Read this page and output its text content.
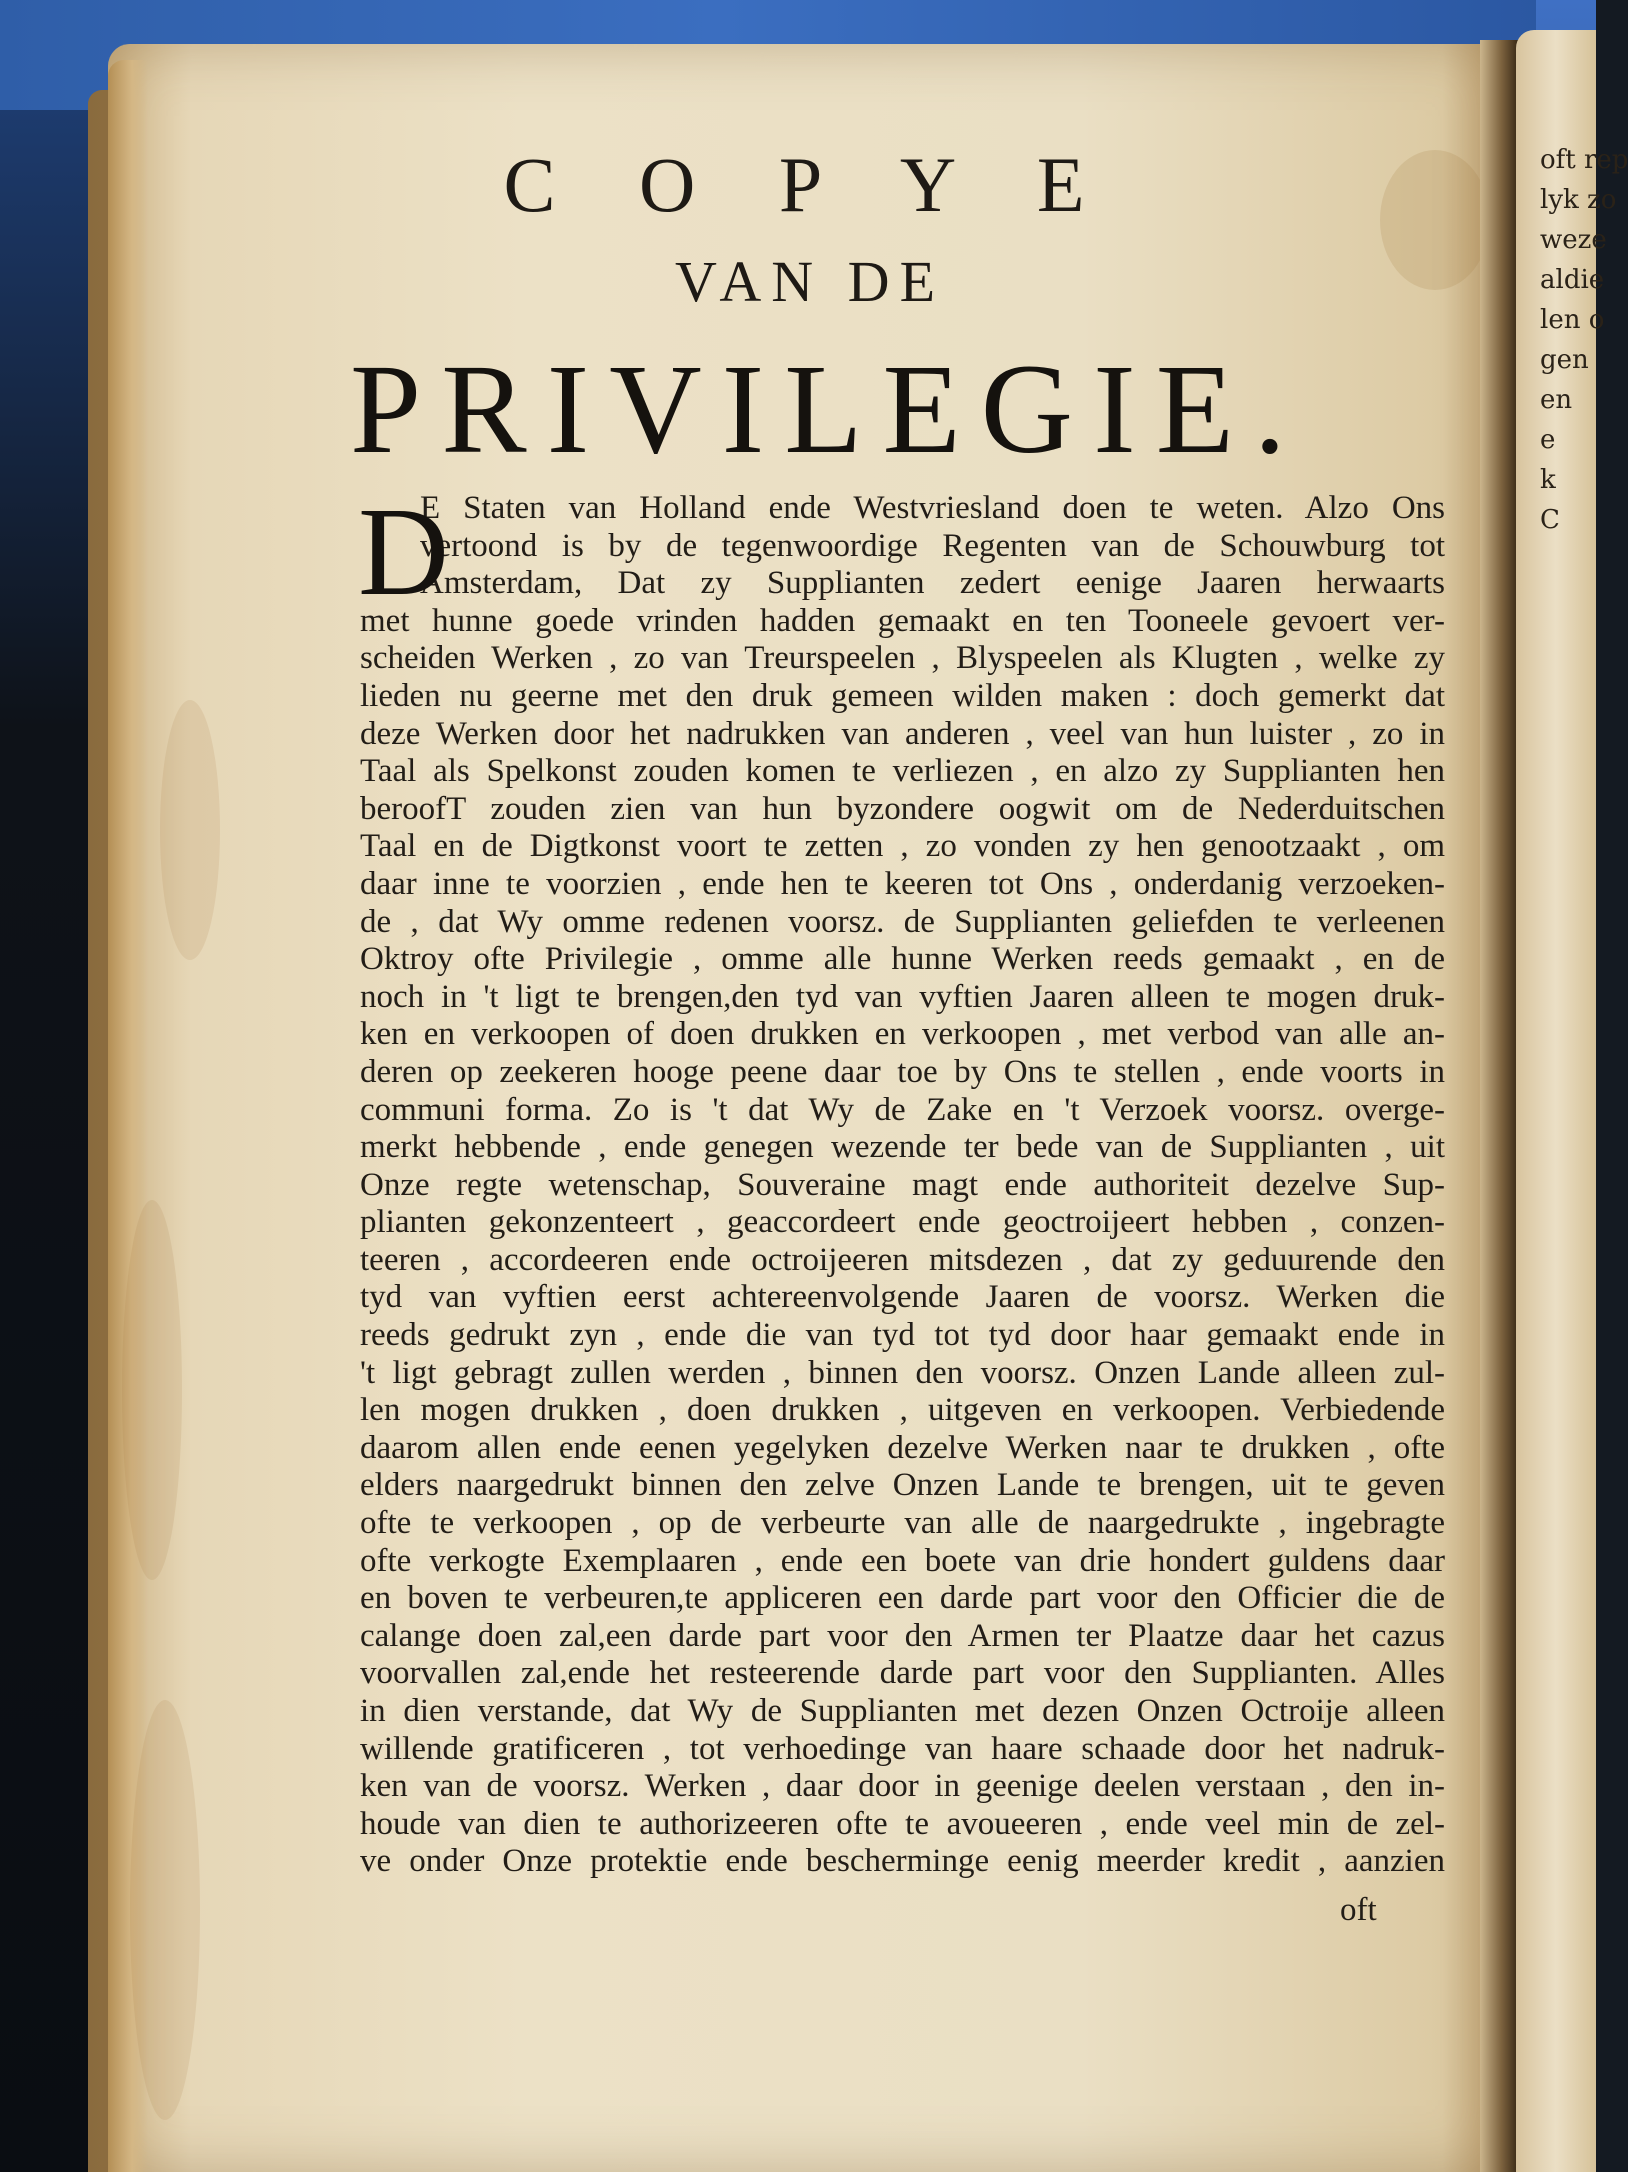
oft rep
lyk zo
weze
aldie
len o
gen
en
e
k
C
C O P Y E
VAN DE
PRIVILEGIE.
D
E Staten van Holland ende Westvriesland doen te weten. Alzo Ons
vertoond is by de tegenwoordige Regenten van de Schouwburg tot
Amsterdam, Dat zy Supplianten zedert eenige Jaaren herwaarts
met hunne goede vrinden hadden gemaakt en ten Tooneele gevoert ver-
scheiden Werken , zo van Treurspeelen , Blyspeelen als Klugten , welke zy
lieden nu geerne met den druk gemeen wilden maken : doch gemerkt dat
deze Werken door het nadrukken van anderen , veel van hun luister , zo in
Taal als Spelkonst zouden komen te verliezen , en alzo zy Supplianten hen
beroofT zouden zien van hun byzondere oogwit om de Nederduitschen
Taal en de Digtkonst voort te zetten , zo vonden zy hen genootzaakt , om
daar inne te voorzien , ende hen te keeren tot Ons , onderdanig verzoeken-
de , dat Wy omme redenen voorsz. de Supplianten geliefden te verleenen
Oktroy ofte Privilegie , omme alle hunne Werken reeds gemaakt , en de
noch in 't ligt te brengen,den tyd van vyftien Jaaren alleen te mogen druk-
ken en verkoopen of doen drukken en verkoopen , met verbod van alle an-
deren op zeekeren hooge peene daar toe by Ons te stellen , ende voorts in
communi forma. Zo is 't dat Wy de Zake en 't Verzoek voorsz. overge-
merkt hebbende , ende genegen wezende ter bede van de Supplianten , uit
Onze regte wetenschap, Souveraine magt ende authoriteit dezelve Sup-
plianten gekonzenteert , geaccordeert ende geoctroijeert hebben , conzen-
teeren , accordeeren ende octroijeeren mitsdezen , dat zy geduurende den
tyd van vyftien eerst achtereenvolgende Jaaren de voorsz. Werken die
reeds gedrukt zyn , ende die van tyd tot tyd door haar gemaakt ende in
't ligt gebragt zullen werden , binnen den voorsz. Onzen Lande alleen zul-
len mogen drukken , doen drukken , uitgeven en verkoopen. Verbiedende
daarom allen ende eenen yegelyken dezelve Werken naar te drukken , ofte
elders naargedrukt binnen den zelve Onzen Lande te brengen, uit te geven
ofte te verkoopen , op de verbeurte van alle de naargedrukte , ingebragte
ofte verkogte Exemplaaren , ende een boete van drie hondert guldens daar
en boven te verbeuren,te appliceren een darde part voor den Officier die de
calange doen zal,een darde part voor den Armen ter Plaatze daar het cazus
voorvallen zal,ende het resteerende darde part voor den Supplianten. Alles
in dien verstande, dat Wy de Supplianten met dezen Onzen Octroije alleen
willende gratificeren , tot verhoedinge van haare schaade door het nadruk-
ken van de voorsz. Werken , daar door in geenige deelen verstaan , den in-
houde van dien te authorizeeren ofte te avoueeren , ende veel min de zel-
ve onder Onze protektie ende bescherminge eenig meerder kredit , aanzien
oft
